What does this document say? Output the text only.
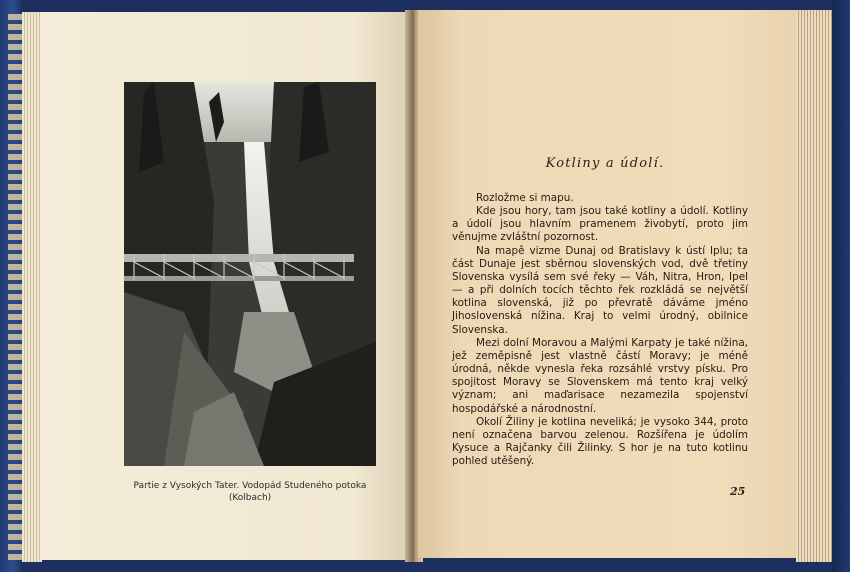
Partie z Vysokých Tater. Vodopád Studeného potoka
(Kolbach)
Kotliny a údolí.

Rozložme si mapu.

Kde jsou hory, tam jsou také kotliny a údolí. Kotliny a údolí jsou hlavním pramenem živobytí, proto jim věnujme zvláštní pozornost.

Na mapě vizme Dunaj od Bratislavy k ústí Iplu; ta část Dunaje jest sběrnou slovenských vod, dvě třetiny Slovenska vysílá sem své řeky — Váh, Nitra, Hron, Ipel — a při dolních tocích těchto řek rozkládá se největší kotlina slovenská, již po převratě dáváme jméno Jihoslovenská nížina. Kraj to velmi úrodný, obilnice Slovenska.

Mezi dolní Moravou a Malými Karpaty je také nížina, jež zeměpisně jest vlastně částí Moravy; je méně úrodná, někde vynesla řeka rozsáhlé vrstvy písku. Pro spojitost Moravy se Slovenskem má tento kraj velký význam; ani maďarisace nezamezila spojenství hospodářské a národnostní.

Okolí Žiliny je kotlina neveliká; je vysoko 344, proto není označena barvou zelenou. Rozšířena je údolím Kysuce a Rajčanky čili Žilinky. S hor je na tuto kotlinu pohled utěšený.

25
